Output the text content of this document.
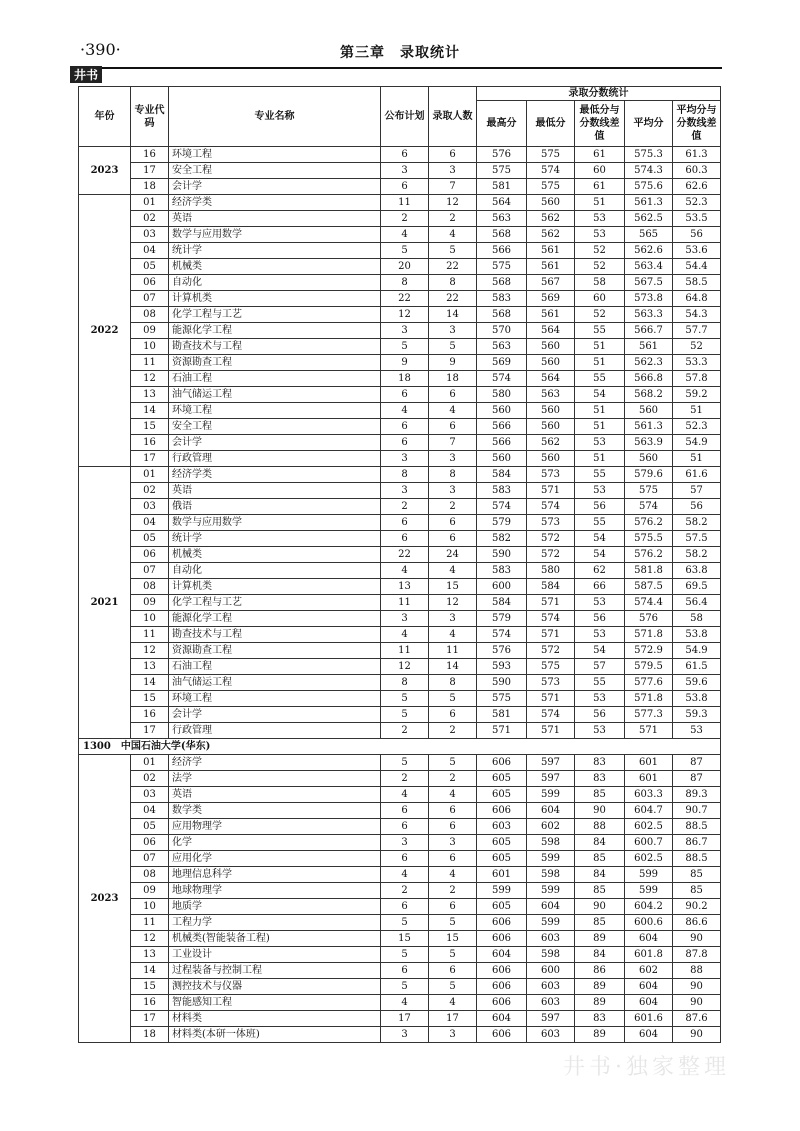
·390·	第三章　录取统计
井书
年份	专业代码	专业名称	公布计划	录取人数	录取分数统计				
					最高分	最低分	最低分与分数线差值	平均分	平均分与分数线差值
2023	16	环境工程	6	6	576	575	61	575.3	61.3
	17	安全工程	3	3	575	574	60	574.3	60.3
	18	会计学	6	7	581	575	61	575.6	62.6
2022	01	经济学类	11	12	564	560	51	561.3	52.3
	02	英语	2	2	563	562	53	562.5	53.5
	03	数学与应用数学	4	4	568	562	53	565	56
	04	统计学	5	5	566	561	52	562.6	53.6
	05	机械类	20	22	575	561	52	563.4	54.4
	06	自动化	8	8	568	567	58	567.5	58.5
	07	计算机类	22	22	583	569	60	573.8	64.8
	08	化学工程与工艺	12	14	568	561	52	563.3	54.3
	09	能源化学工程	3	3	570	564	55	566.7	57.7
	10	勘查技术与工程	5	5	563	560	51	561	52
	11	资源勘查工程	9	9	569	560	51	562.3	53.3
	12	石油工程	18	18	574	564	55	566.8	57.8
	13	油气储运工程	6	6	580	563	54	568.2	59.2
	14	环境工程	4	4	560	560	51	560	51
	15	安全工程	6	6	566	560	51	561.3	52.3
	16	会计学	6	7	566	562	53	563.9	54.9
	17	行政管理	3	3	560	560	51	560	51
2021	01	经济学类	8	8	584	573	55	579.6	61.6
	02	英语	3	3	583	571	53	575	57
	03	俄语	2	2	574	574	56	574	56
	04	数学与应用数学	6	6	579	573	55	576.2	58.2
	05	统计学	6	6	582	572	54	575.5	57.5
	06	机械类	22	24	590	572	54	576.2	58.2
	07	自动化	4	4	583	580	62	581.8	63.8
	08	计算机类	13	15	600	584	66	587.5	69.5
	09	化学工程与工艺	11	12	584	571	53	574.4	56.4
	10	能源化学工程	3	3	579	574	56	576	58
	11	勘查技术与工程	4	4	574	571	53	571.8	53.8
	12	资源勘查工程	11	11	576	572	54	572.9	54.9
	13	石油工程	12	14	593	575	57	579.5	61.5
	14	油气储运工程	8	8	590	573	55	577.6	59.6
	15	环境工程	5	5	575	571	53	571.8	53.8
	16	会计学	5	6	581	574	56	577.3	59.3
	17	行政管理	2	2	571	571	53	571	53
1300　中国石油大学(华东)									
2023	01	经济学	5	5	606	597	83	601	87
	02	法学	2	2	605	597	83	601	87
	03	英语	4	4	605	599	85	603.3	89.3
	04	数学类	6	6	606	604	90	604.7	90.7
	05	应用物理学	6	6	603	602	88	602.5	88.5
	06	化学	3	3	605	598	84	600.7	86.7
	07	应用化学	6	6	605	599	85	602.5	88.5
	08	地理信息科学	4	4	601	598	84	599	85
	09	地球物理学	2	2	599	599	85	599	85
	10	地质学	6	6	605	604	90	604.2	90.2
	11	工程力学	5	5	606	599	85	600.6	86.6
	12	机械类(智能装备工程)	15	15	606	603	89	604	90
	13	工业设计	5	5	604	598	84	601.8	87.8
	14	过程装备与控制工程	6	6	606	600	86	602	88
	15	测控技术与仪器	5	5	606	603	89	604	90
	16	智能感知工程	4	4	606	603	89	604	90
	17	材料类	17	17	604	597	83	601.6	87.6
	18	材料类(本研一体班)	3	3	606	603	89	604	90
井书·独家整理
